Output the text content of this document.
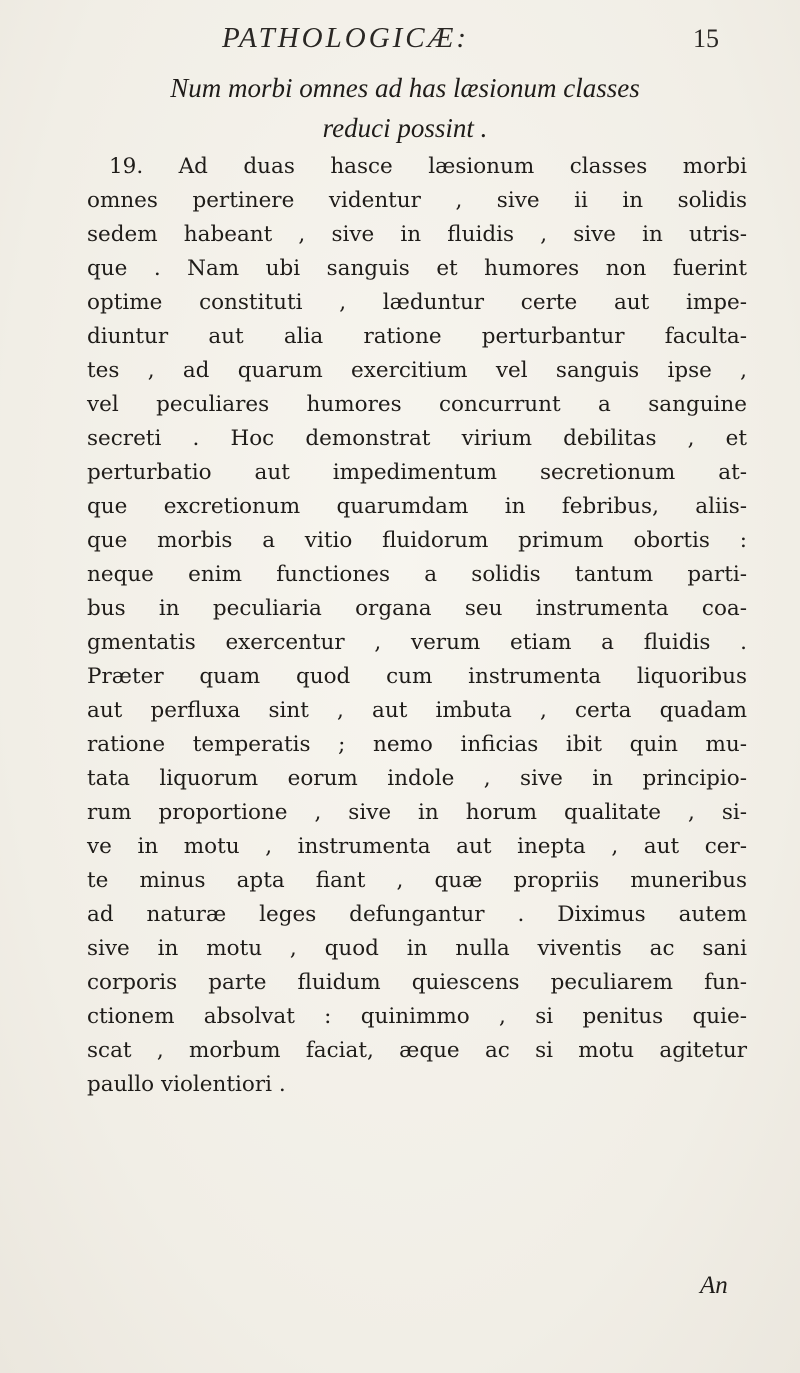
PATHOLOGICÆ:	15
Num morbi omnes ad has læsionum classes
reduci possint .
19. Ad duas hasce læsionum classes morbi
omnes pertinere videntur , sive ii in solidis
sedem habeant , sive in fluidis , sive in utris-
que . Nam ubi sanguis et humores non fuerint
optime constituti , læduntur certe aut impe-
diuntur aut alia ratione perturbantur faculta-
tes , ad quarum exercitium vel sanguis ipse ,
vel peculiares humores concurrunt a sanguine
secreti . Hoc demonstrat virium debilitas , et
perturbatio aut impedimentum secretionum at-
que excretionum quarumdam in febribus, aliis-
que morbis a vitio fluidorum primum obortis :
neque enim functiones a solidis tantum parti-
bus in peculiaria organa seu instrumenta coa-
gmentatis exercentur , verum etiam a fluidis .
Præter quam quod cum instrumenta liquoribus
aut perfluxa sint , aut imbuta , certa quadam
ratione temperatis ; nemo inficias ibit quin mu-
tata liquorum eorum indole , sive in principio-
rum proportione , sive in horum qualitate , si-
ve in motu , instrumenta aut inepta , aut cer-
te minus apta fiant , quæ propriis muneribus
ad naturæ leges defungantur . Diximus autem
sive in motu , quod in nulla viventis ac sani
corporis parte fluidum quiescens peculiarem fun-
ctionem absolvat : quinimmo , si penitus quie-
scat , morbum faciat, æque ac si motu agitetur
paullo violentiori .
An
